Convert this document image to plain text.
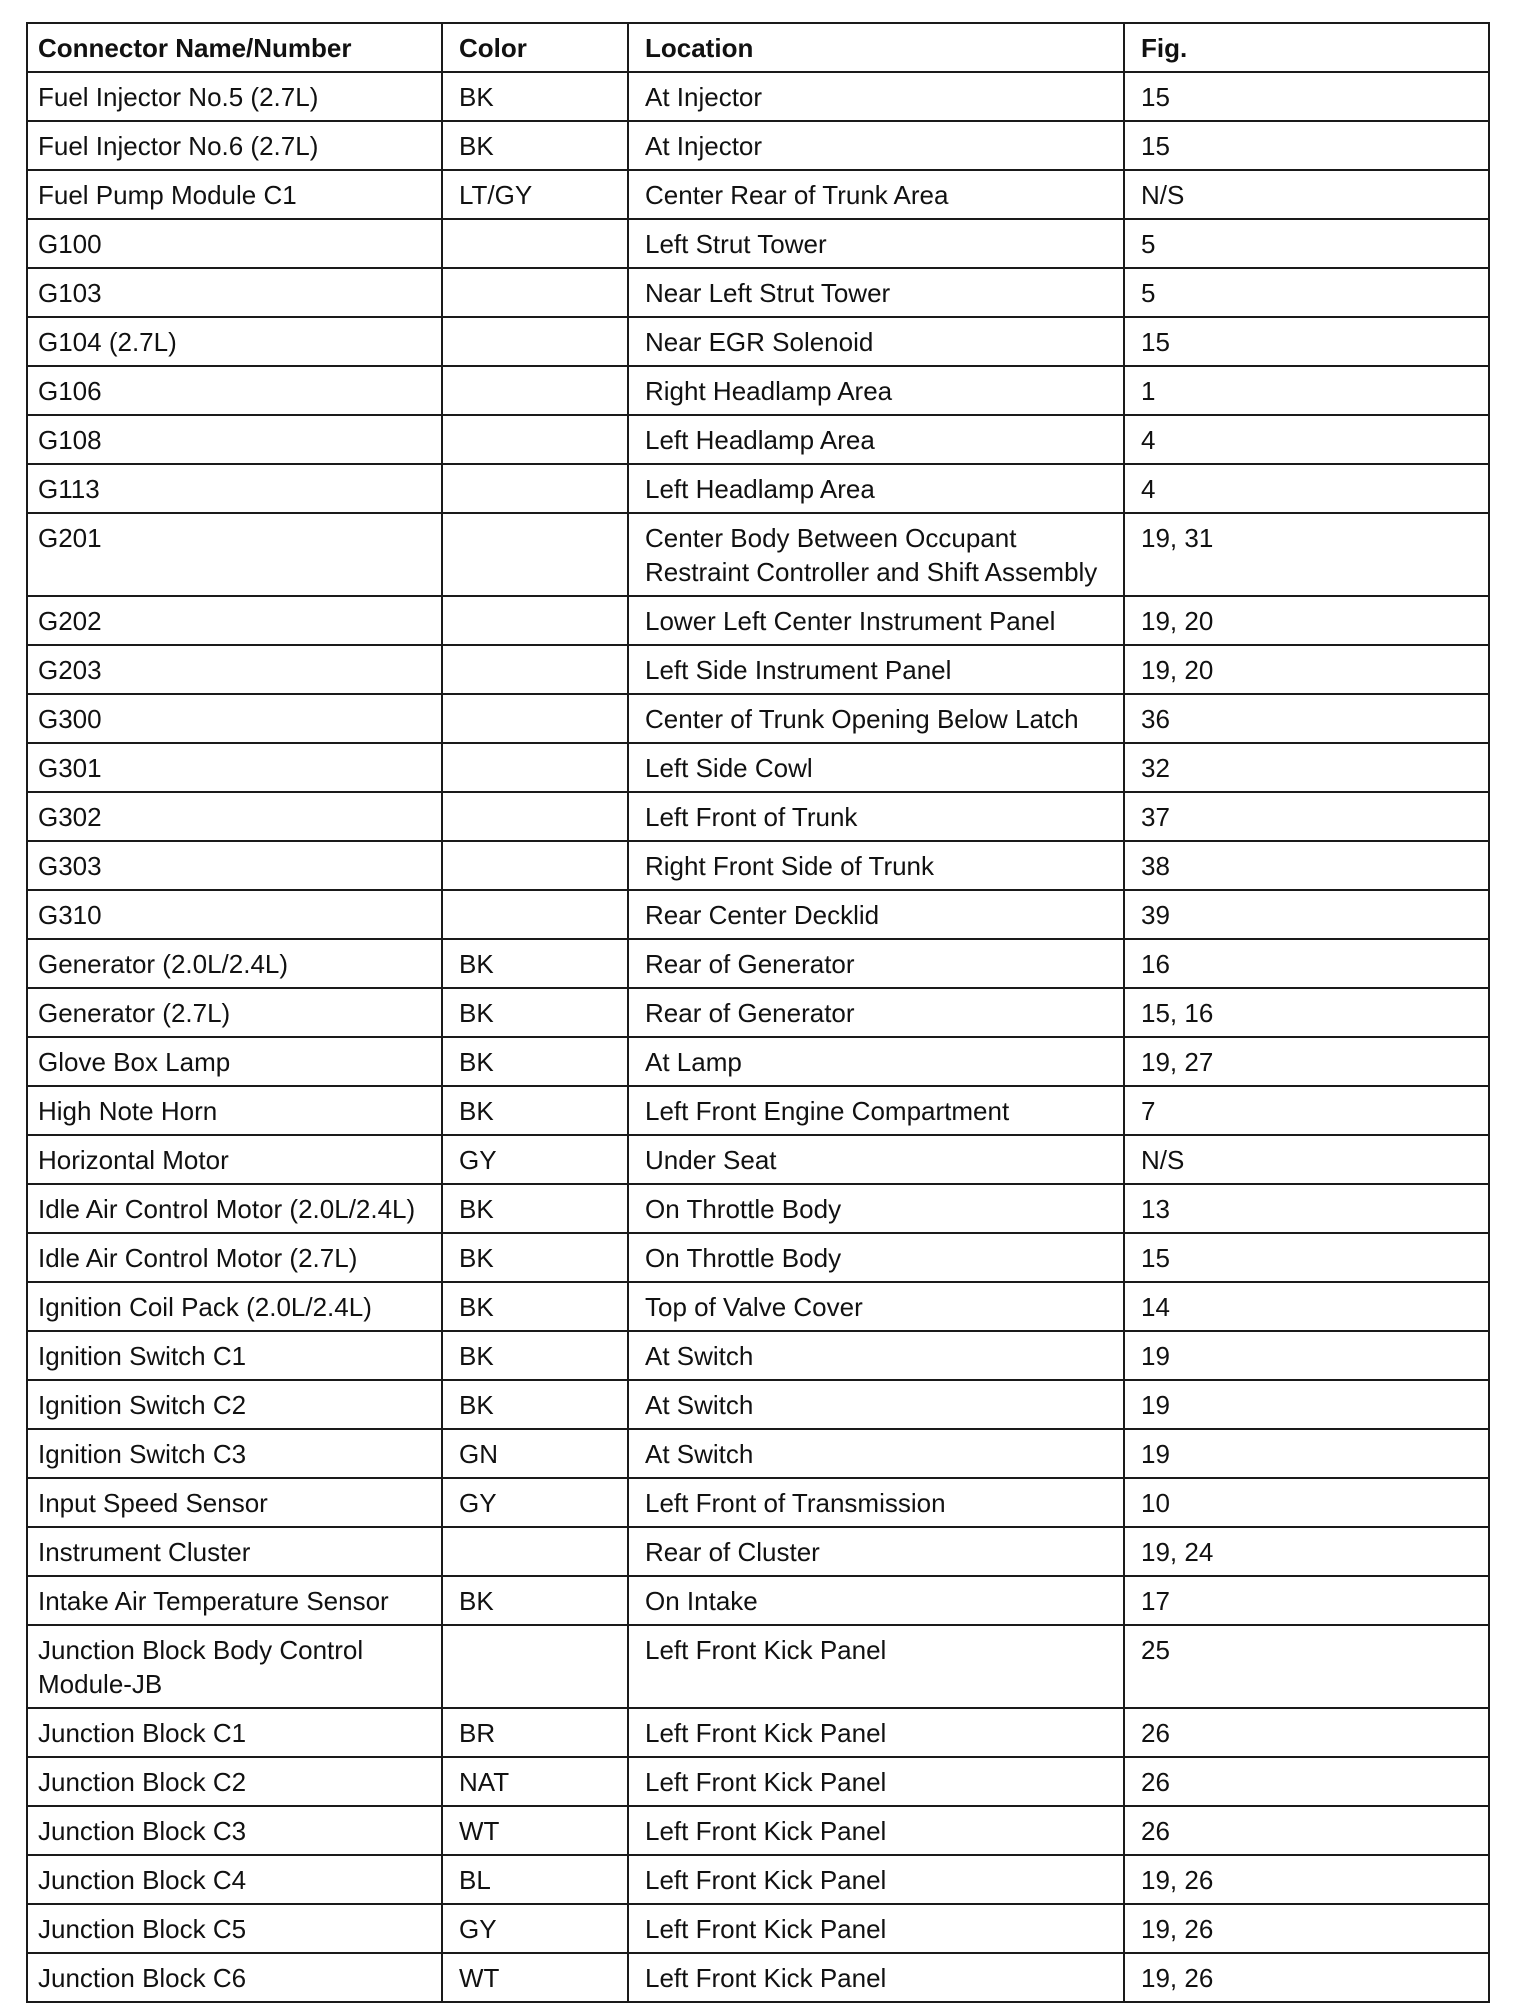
Connector Name/Number	Color	Location	Fig.
Fuel Injector No.5 (2.7L)	BK	At Injector	15
Fuel Injector No.6 (2.7L)	BK	At Injector	15
Fuel Pump Module C1	LT/GY	Center Rear of Trunk Area	N/S
G100		Left Strut Tower	5
G103		Near Left Strut Tower	5
G104 (2.7L)		Near EGR Solenoid	15
G106		Right Headlamp Area	1
G108		Left Headlamp Area	4
G113		Left Headlamp Area	4
G201		Center Body Between Occupant Restraint Controller and Shift Assembly	19, 31
G202		Lower Left Center Instrument Panel	19, 20
G203		Left Side Instrument Panel	19, 20
G300		Center of Trunk Opening Below Latch	36
G301		Left Side Cowl	32
G302		Left Front of Trunk	37
G303		Right Front Side of Trunk	38
G310		Rear Center Decklid	39
Generator (2.0L/2.4L)	BK	Rear of Generator	16
Generator (2.7L)	BK	Rear of Generator	15, 16
Glove Box Lamp	BK	At Lamp	19, 27
High Note Horn	BK	Left Front Engine Compartment	7
Horizontal Motor	GY	Under Seat	N/S
Idle Air Control Motor (2.0L/2.4L)	BK	On Throttle Body	13
Idle Air Control Motor (2.7L)	BK	On Throttle Body	15
Ignition Coil Pack (2.0L/2.4L)	BK	Top of Valve Cover	14
Ignition Switch C1	BK	At Switch	19
Ignition Switch C2	BK	At Switch	19
Ignition Switch C3	GN	At Switch	19
Input Speed Sensor	GY	Left Front of Transmission	10
Instrument Cluster		Rear of Cluster	19, 24
Intake Air Temperature Sensor	BK	On Intake	17
Junction Block Body Control Module-JB		Left Front Kick Panel	25
Junction Block C1	BR	Left Front Kick Panel	26
Junction Block C2	NAT	Left Front Kick Panel	26
Junction Block C3	WT	Left Front Kick Panel	26
Junction Block C4	BL	Left Front Kick Panel	19, 26
Junction Block C5	GY	Left Front Kick Panel	19, 26
Junction Block C6	WT	Left Front Kick Panel	19, 26
